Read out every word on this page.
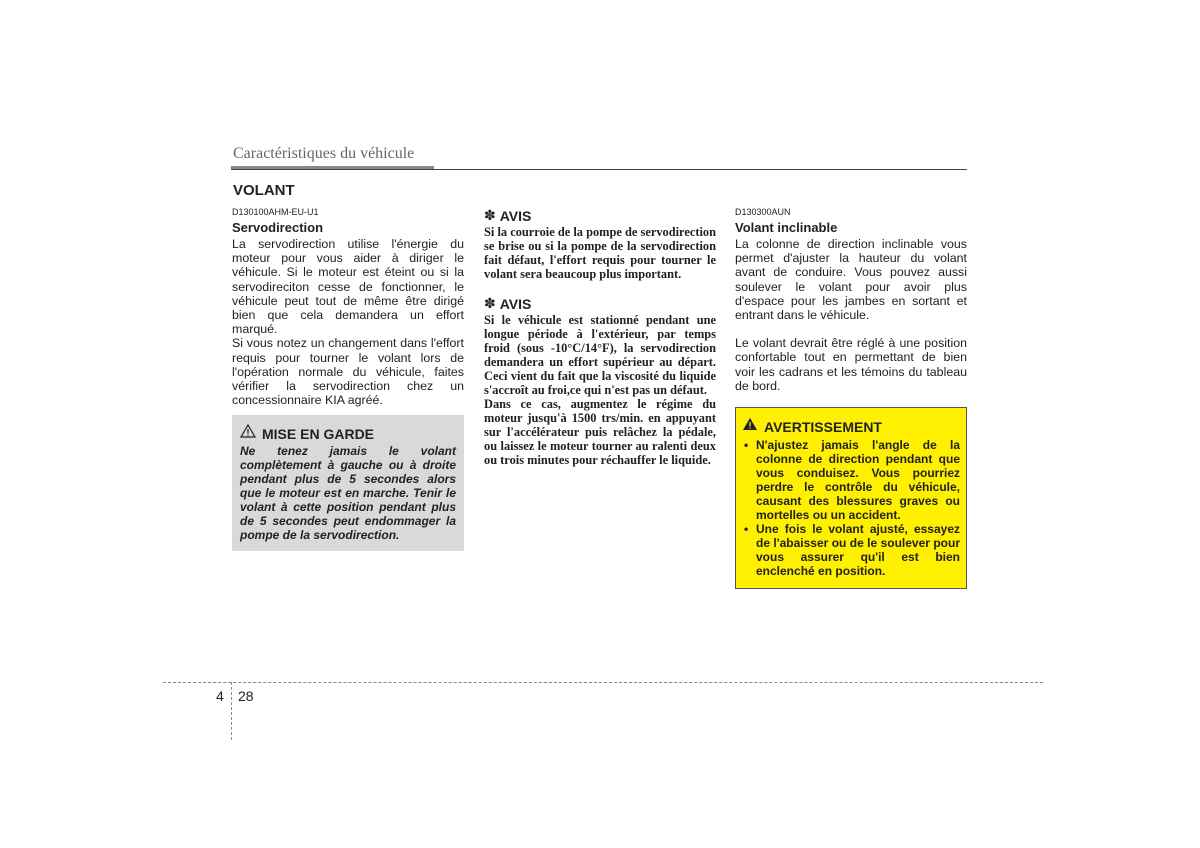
Caractéristiques du véhicule
VOLANT
D130100AHM-EU-U1
Servodirection

La servodirection utilise l'énergie du moteur pour vous aider à diriger le véhicule. Si le moteur est éteint ou si la servodireciton cesse de fonctionner, le véhicule peut tout de même être dirigé bien que cela demandera un effort marqué.

Si vous notez un changement dans l'effort requis pour tourner le volant lors de l'opération normale du véhicule, faites vérifier la servodirection chez un concessionnaire KIA agréé.

MISE EN GARDE

Ne tenez jamais le volant complètement à gauche ou à droite pendant plus de 5 secondes alors que le moteur est en marche. Tenir le volant à cette position pendant plus de 5 secondes peut endommager la pompe de la servodirection.

✽ AVIS

Si la courroie de la pompe de servodirection se brise ou si la pompe de la servodirection fait défaut, l'effort requis pour tourner le volant sera beaucoup plus important.

✽ AVIS

Si le véhicule est stationné pendant une longue période à l'extérieur, par temps froid (sous -10°C/14°F), la servodirection demandera un effort supérieur au départ. Ceci vient du fait que la viscosité du liquide s'accroît au froi,ce qui n'est pas un défaut.

Dans ce cas, augmentez le régime du moteur jusqu'à 1500 trs/min. en appuyant sur l'accélérateur puis relâchez la pédale, ou laissez le moteur tourner au ralenti deux ou trois minutes pour réchauffer le liquide.

D130300AUN
Volant inclinable

La colonne de direction inclinable vous permet d'ajuster la hauteur du volant avant de conduire. Vous pouvez aussi soulever le volant pour avoir plus d'espace pour les jambes en sortant et entrant dans le véhicule.

Le volant devrait être réglé à une position confortable tout en permettant de bien voir les cadrans et les témoins du tableau de bord.

AVERTISSEMENT
• N'ajustez jamais l'angle de la colonne de direction pendant que vous conduisez. Vous pourriez perdre le contrôle du véhicule, causant des blessures graves ou mortelles ou un accident.
• Une fois le volant ajusté, essayez de l'abaisser ou de le soulever pour vous assurer qu'il est bien enclenché en position.
4 28
